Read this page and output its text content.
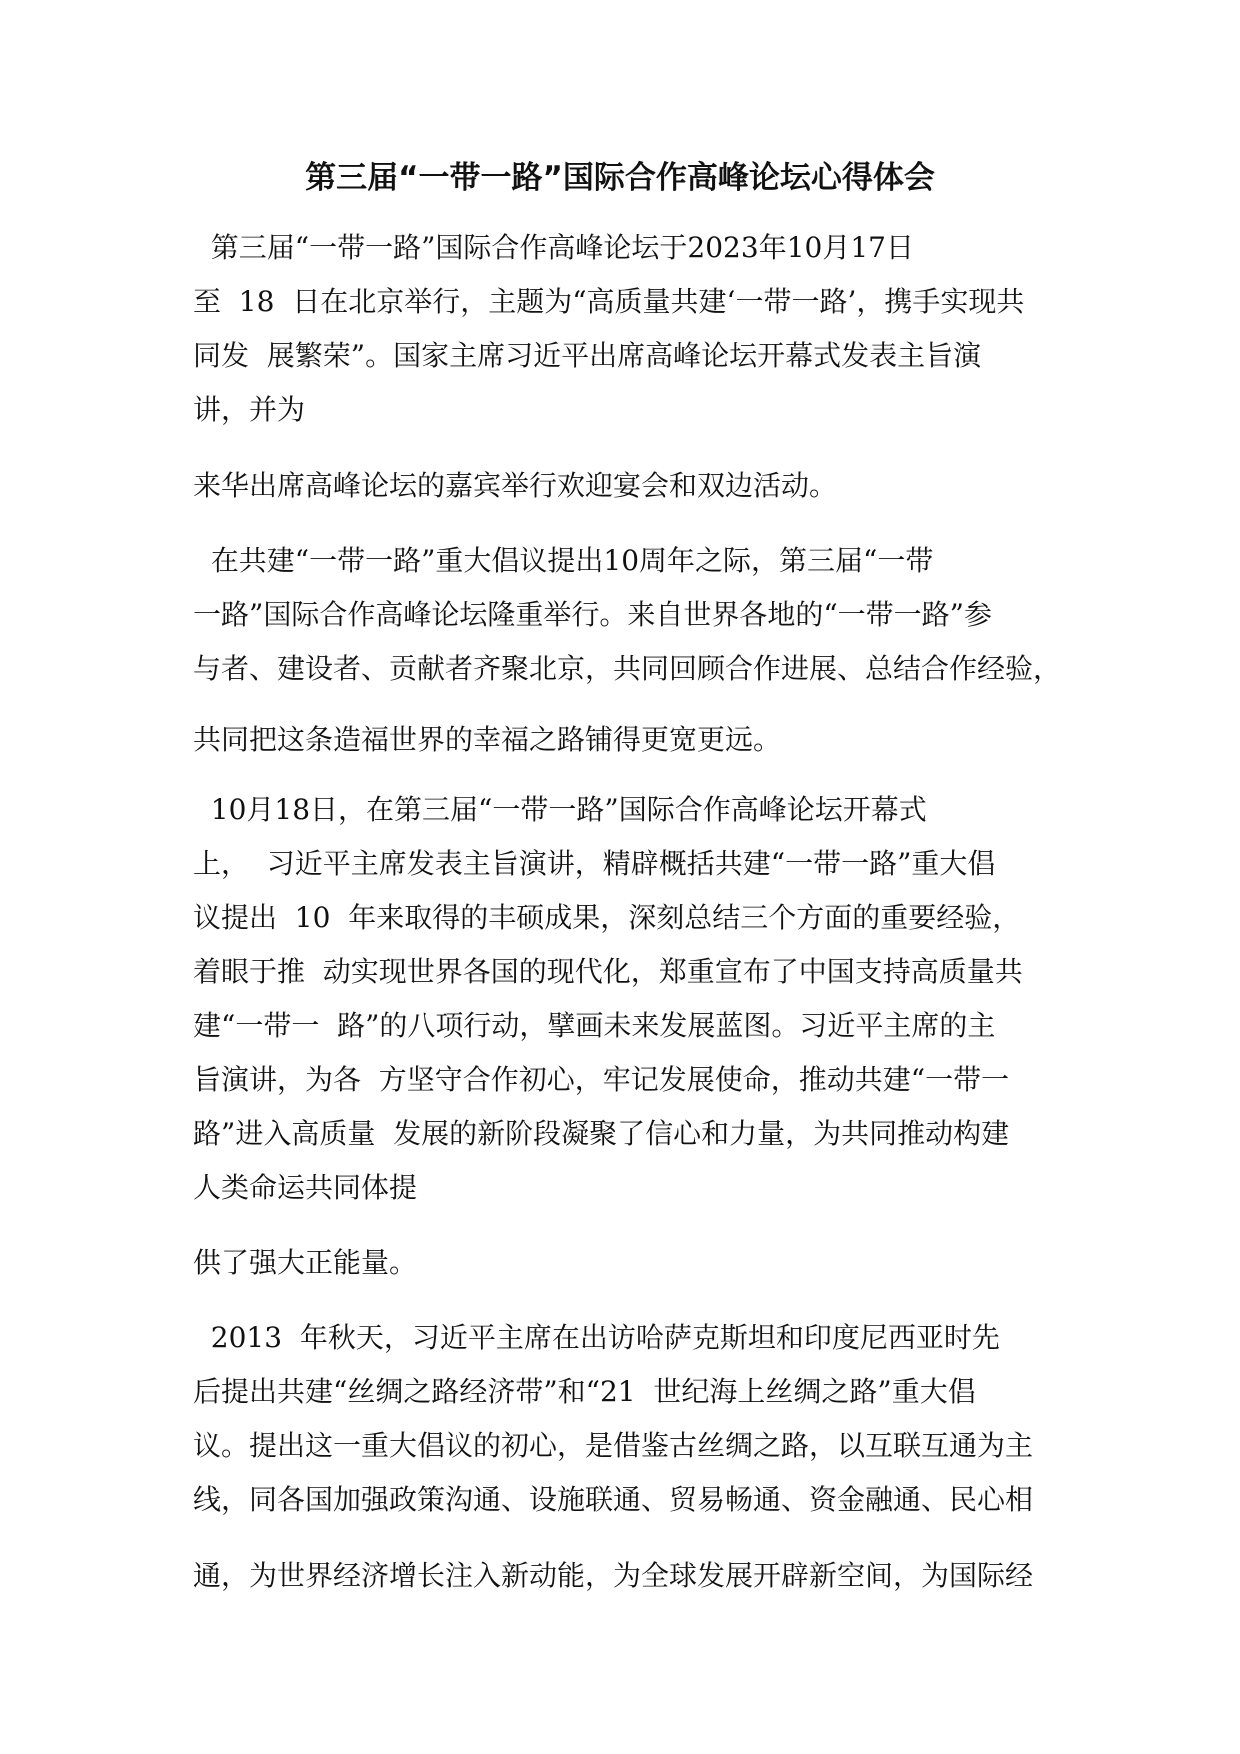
第三届“一带一路”国际合作高峰论坛心得体会
第三届“一带一路”国际合作高峰论坛于2023年10月17日
至  18  日在北京举行，主题为“高质量共建‘一带一路’，携手实现共
同发  展繁荣”。国家主席习近平出席高峰论坛开幕式发表主旨演
讲，并为
来华出席高峰论坛的嘉宾举行欢迎宴会和双边活动。
在共建“一带一路”重大倡议提出10周年之际，第三届“一带
一路”国际合作高峰论坛隆重举行。来自世界各地的“一带一路”参
与者、建设者、贡献者齐聚北京，共同回顾合作进展、总结合作经验，
共同把这条造福世界的幸福之路铺得更宽更远。
10月18日，在第三届“一带一路”国际合作高峰论坛开幕式
上，  习近平主席发表主旨演讲，精辟概括共建“一带一路”重大倡
议提出  10  年来取得的丰硕成果，深刻总结三个方面的重要经验，
着眼于推  动实现世界各国的现代化，郑重宣布了中国支持高质量共
建“一带一  路”的八项行动，擘画未来发展蓝图。习近平主席的主
旨演讲，为各  方坚守合作初心，牢记发展使命，推动共建“一带一
路”进入高质量  发展的新阶段凝聚了信心和力量，为共同推动构建
人类命运共同体提
供了强大正能量。
2013  年秋天，习近平主席在出访哈萨克斯坦和印度尼西亚时先
后提出共建“丝绸之路经济带”和“21  世纪海上丝绸之路”重大倡
议。提出这一重大倡议的初心，是借鉴古丝绸之路，以互联互通为主
线，同各国加强政策沟通、设施联通、贸易畅通、资金融通、民心相
通，为世界经济增长注入新动能，为全球发展开辟新空间，为国际经
